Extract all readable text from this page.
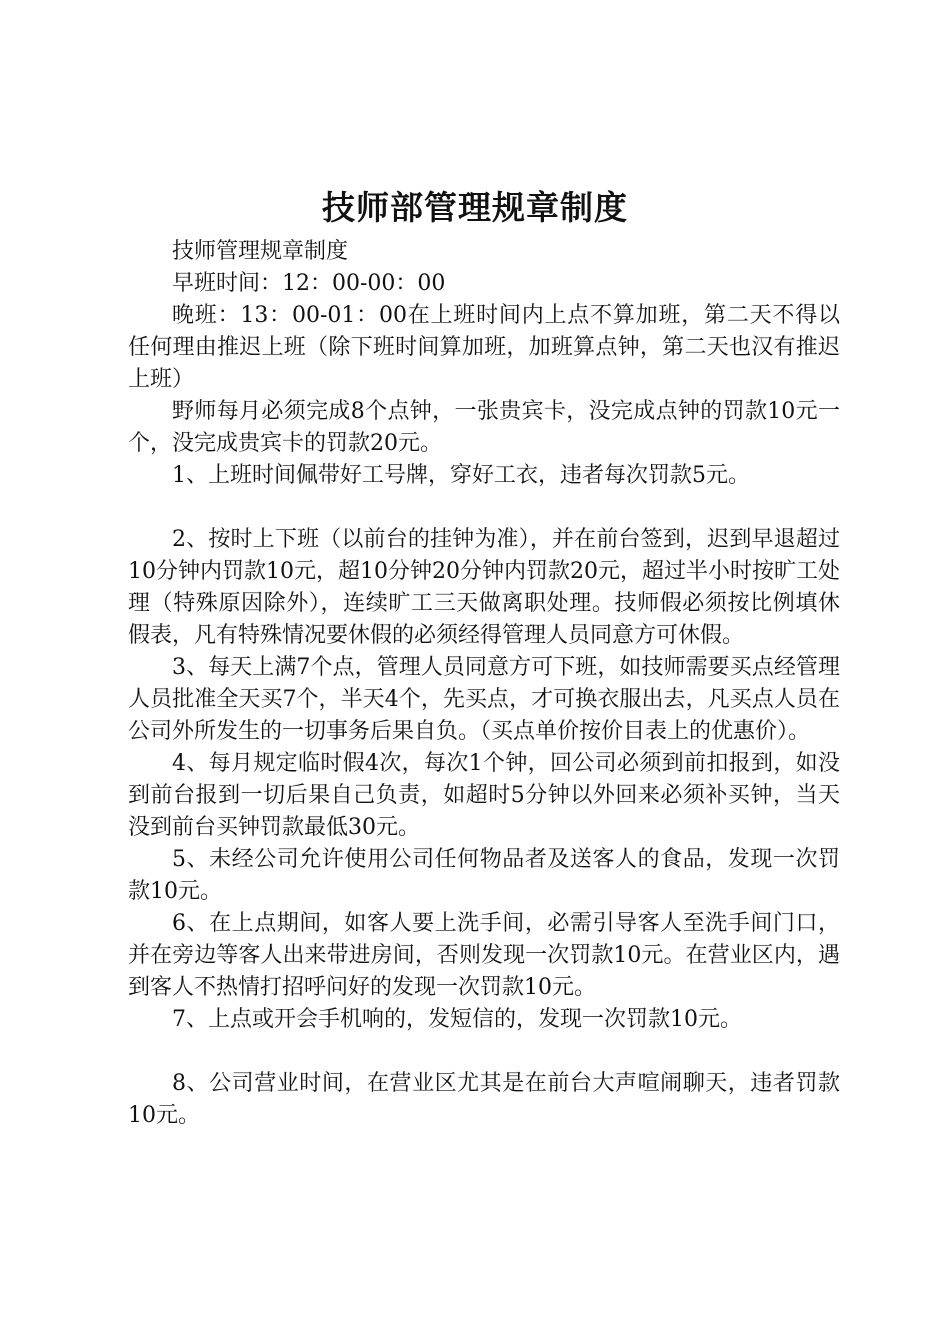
技师部管理规章制度

技师管理规章制度

早班时间：12：00-00：00

晚班：13：00-01：00在上班时间内上点不算加班，第二天不得以任何理由推迟上班（除下班时间算加班，加班算点钟，第二天也汉有推迟上班）

野师每月必须完成8个点钟，一张贵宾卡，没完成点钟的罚款10元一个，没完成贵宾卡的罚款20元。

1、上班时间佩带好工号牌，穿好工衣，违者每次罚款5元。

2、按时上下班（以前台的挂钟为准），并在前台签到，迟到早退超过10分钟内罚款10元，超10分钟20分钟内罚款20元，超过半小时按旷工处理（特殊原因除外），连续旷工三天做离职处理。技师假必须按比例填休假表，凡有特殊情况要休假的必须经得管理人员同意方可休假。

3、每天上满7个点，管理人员同意方可下班，如技师需要买点经管理人员批准全天买7个，半天4个，先买点，才可换衣服出去，凡买点人员在公司外所发生的一切事务后果自负。（买点单价按价目表上的优惠价）。

4、每月规定临时假4次，每次1个钟，回公司必须到前扣报到，如没到前台报到一切后果自己负责，如超时5分钟以外回来必须补买钟，当天没到前台买钟罚款最低30元。

5、未经公司允许使用公司任何物品者及送客人的食品，发现一次罚款10元。

6、在上点期间，如客人要上洗手间，必需引导客人至洗手间门口，并在旁边等客人出来带进房间，否则发现一次罚款10元。在营业区内，遇到客人不热情打招呼问好的发现一次罚款10元。

7、上点或开会手机响的，发短信的，发现一次罚款10元。

8、公司营业时间，在营业区尤其是在前台大声喧闹聊天，违者罚款10元。
